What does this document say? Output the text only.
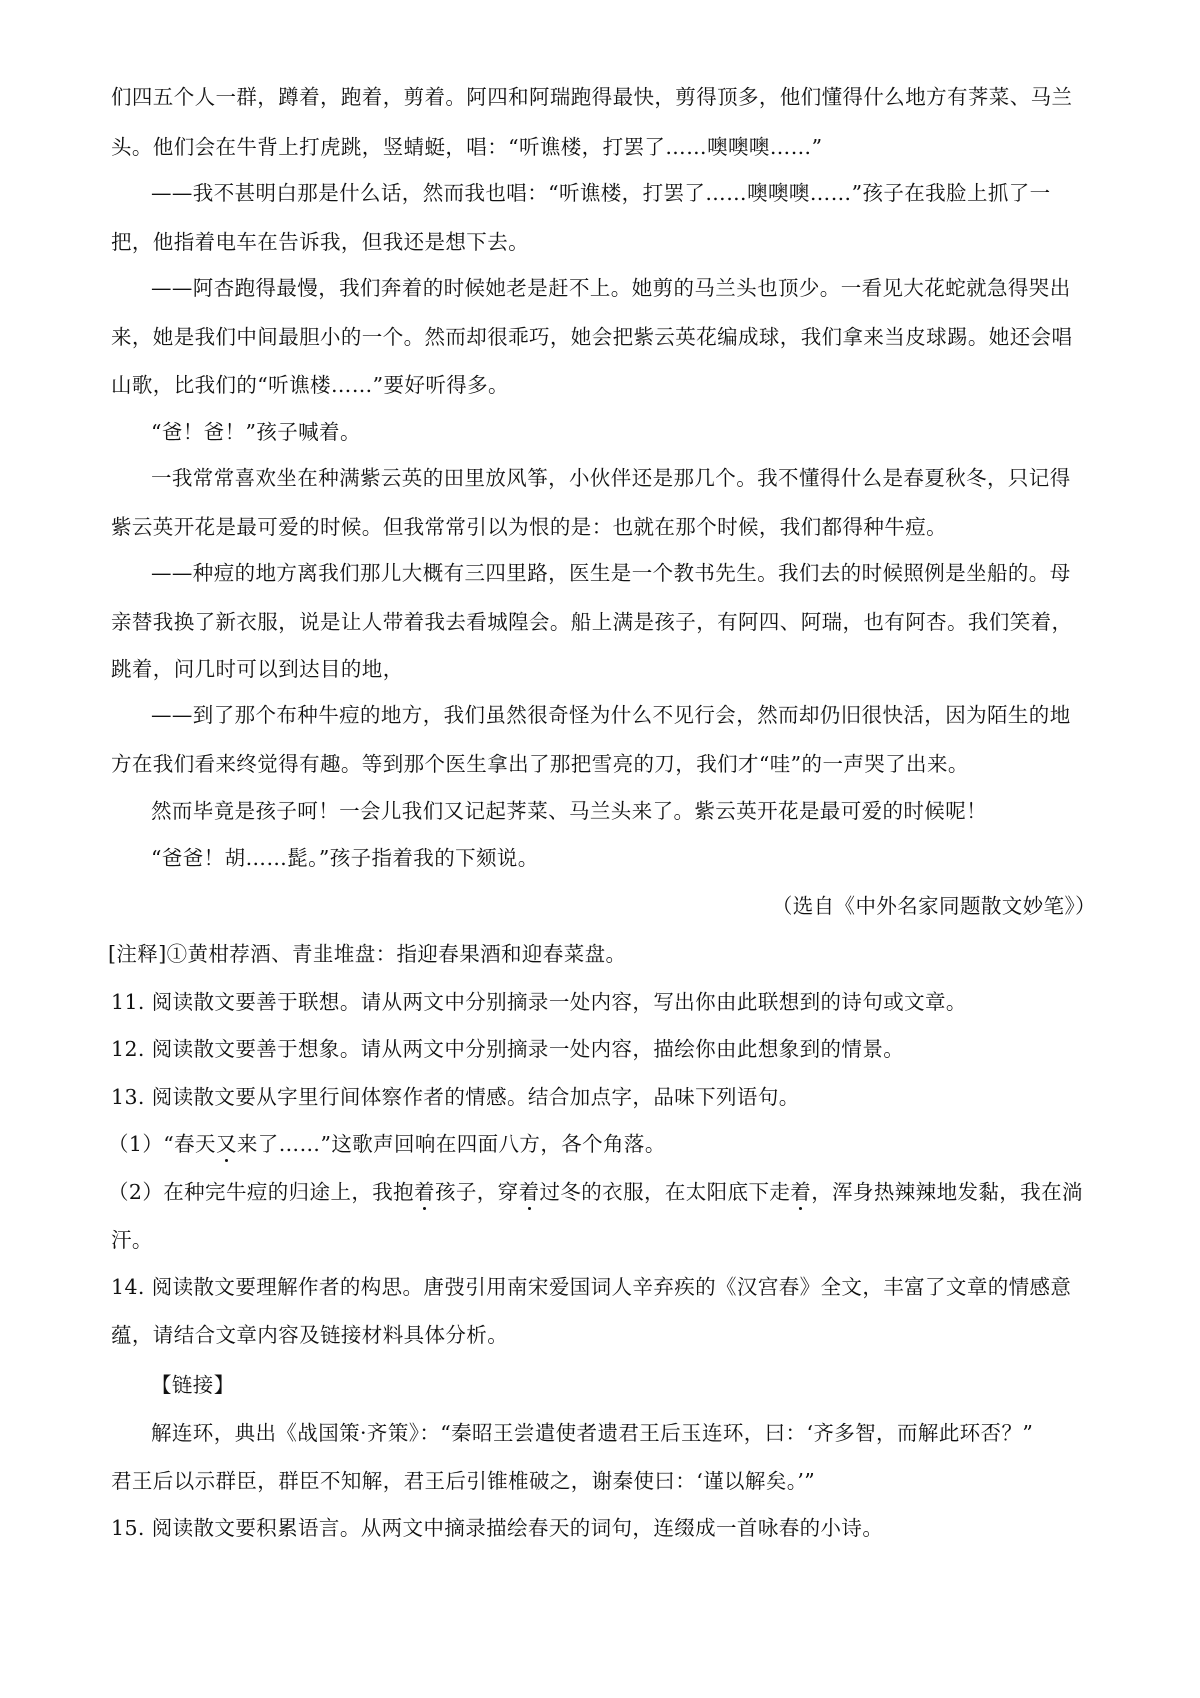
们四五个人一群，蹲着，跑着，剪着。阿四和阿瑞跑得最快，剪得顶多，他们懂得什么地方有荠菜、马兰
头。他们会在牛背上打虎跳，竖蜻蜓，唱：“听谯楼，打罢了……噢噢噢……”
——我不甚明白那是什么话，然而我也唱：“听谯楼，打罢了……噢噢噢……”孩子在我脸上抓了一
把，他指着电车在告诉我，但我还是想下去。
——阿杏跑得最慢，我们奔着的时候她老是赶不上。她剪的马兰头也顶少。一看见大花蛇就急得哭出
来，她是我们中间最胆小的一个。然而却很乖巧，她会把紫云英花编成球，我们拿来当皮球踢。她还会唱
山歌，比我们的“听谯楼……”要好听得多。
“爸！爸！”孩子喊着。
一我常常喜欢坐在种满紫云英的田里放风筝，小伙伴还是那几个。我不懂得什么是春夏秋冬，只记得
紫云英开花是最可爱的时候。但我常常引以为恨的是：也就在那个时候，我们都得种牛痘。
——种痘的地方离我们那儿大概有三四里路，医生是一个教书先生。我们去的时候照例是坐船的。母
亲替我换了新衣服，说是让人带着我去看城隍会。船上满是孩子，有阿四、阿瑞，也有阿杏。我们笑着，
跳着，问几时可以到达目的地，
——到了那个布种牛痘的地方，我们虽然很奇怪为什么不见行会，然而却仍旧很快活，因为陌生的地
方在我们看来终觉得有趣。等到那个医生拿出了那把雪亮的刀，我们才“哇”的一声哭了出来。
然而毕竟是孩子呵！一会儿我们又记起荠菜、马兰头来了。紫云英开花是最可爱的时候呢！
“爸爸！胡……髭。”孩子指着我的下颏说。
（选自《中外名家同题散文妙笔》）
[注释]①黄柑荐酒、青韭堆盘：指迎春果酒和迎春菜盘。
11. 阅读散文要善于联想。请从两文中分别摘录一处内容，写出你由此联想到的诗句或文章。
12. 阅读散文要善于想象。请从两文中分别摘录一处内容，描绘你由此想象到的情景。
13. 阅读散文要从字里行间体察作者的情感。结合加点字，品味下列语句。
（1）“春天又来了……”这歌声回响在四面八方，各个角落。
（2）在种完牛痘的归途上，我抱着孩子，穿着过冬的衣服，在太阳底下走着，浑身热辣辣地发黏，我在淌
汗。
14. 阅读散文要理解作者的构思。唐弢引用南宋爱国词人辛弃疾的《汉宫春》全文，丰富了文章的情感意
蕴，请结合文章内容及链接材料具体分析。
【链接】
解连环，典出《战国策·齐策》：“秦昭王尝遣使者遗君王后玉连环，曰：‘齐多智，而解此环否？”
君王后以示群臣，群臣不知解，君王后引锥椎破之，谢秦使曰：‘谨以解矣。’”
15. 阅读散文要积累语言。从两文中摘录描绘春天的词句，连缀成一首咏春的小诗。
